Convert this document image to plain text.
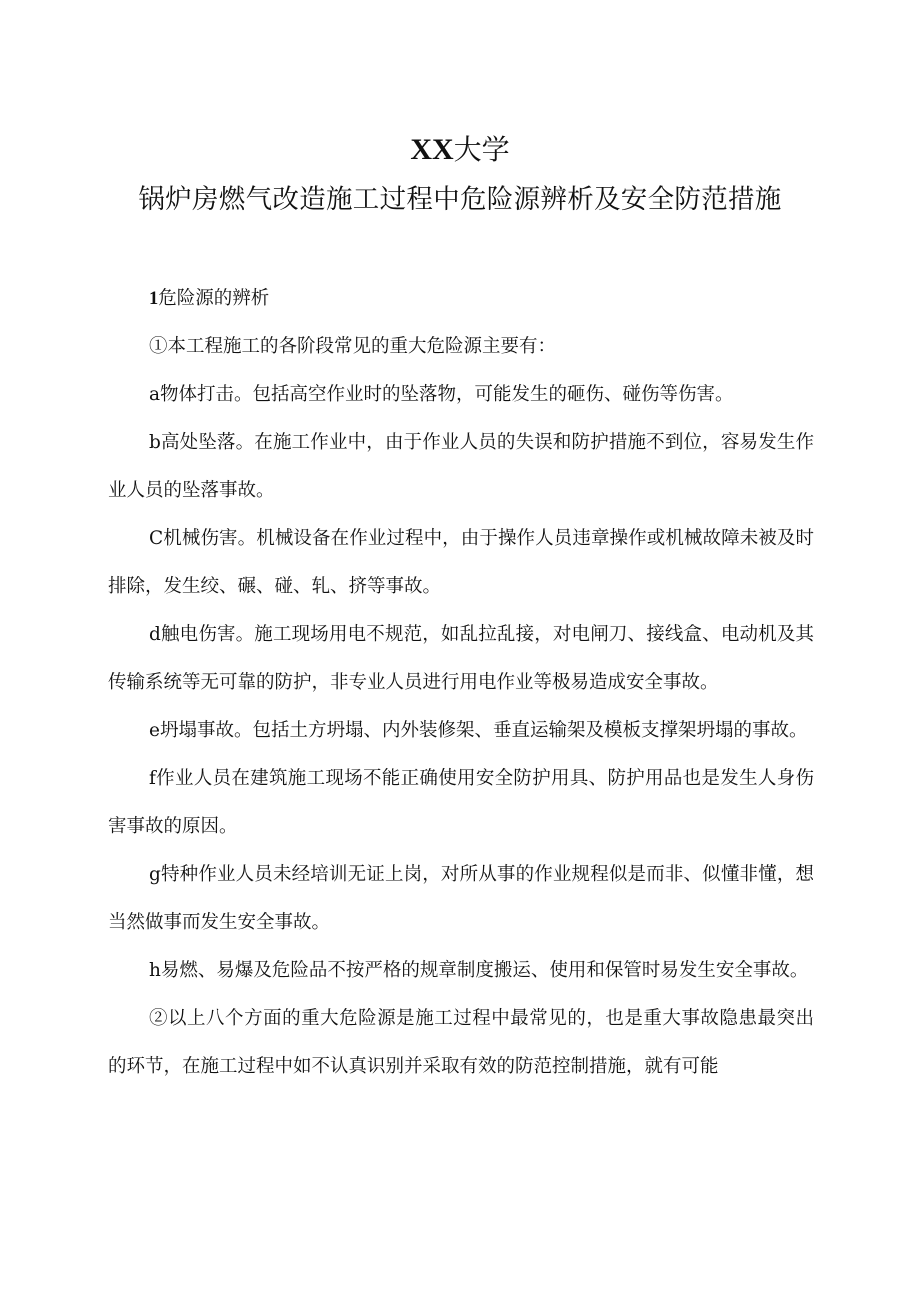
XX大学
锅炉房燃气改造施工过程中危险源辨析及安全防范措施

1危险源的辨析

①本工程施工的各阶段常见的重大危险源主要有：

a物体打击。包括高空作业时的坠落物，可能发生的砸伤、碰伤等伤害。

b高处坠落。在施工作业中，由于作业人员的失误和防护措施不到位，容易发生作业人员的坠落事故。

C机械伤害。机械设备在作业过程中，由于操作人员违章操作或机械故障未被及时排除，发生绞、碾、碰、轧、挤等事故。

d触电伤害。施工现场用电不规范，如乱拉乱接，对电闸刀、接线盒、电动机及其传输系统等无可靠的防护，非专业人员进行用电作业等极易造成安全事故。

e坍塌事故。包括土方坍塌、内外装修架、垂直运输架及模板支撑架坍塌的事故。

f作业人员在建筑施工现场不能正确使用安全防护用具、防护用品也是发生人身伤害事故的原因。

g特种作业人员未经培训无证上岗，对所从事的作业规程似是而非、似懂非懂，想当然做事而发生安全事故。

h易燃、易爆及危险品不按严格的规章制度搬运、使用和保管时易发生安全事故。

②以上八个方面的重大危险源是施工过程中最常见的，也是重大事故隐患最突出的环节，在施工过程中如不认真识别并采取有效的防范控制措施，就有可能
